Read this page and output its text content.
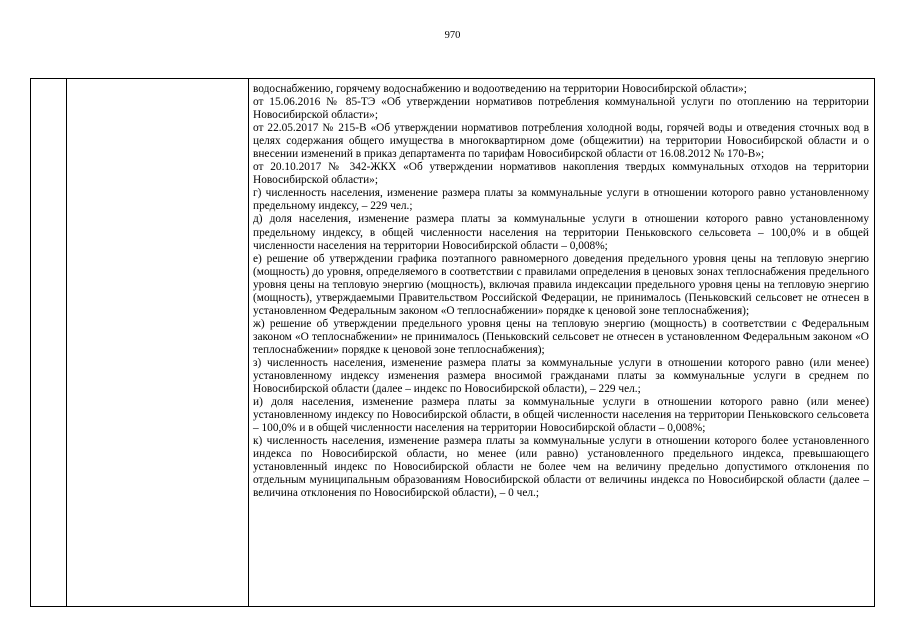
970

водоснабжению, горячему водоснабжению и водоотведению на территории Новосибирской области»;

от 15.06.2016 № 85-ТЭ «Об утверждении нормативов потребления коммунальной услуги по отоплению на территории Новосибирской области»;

от 22.05.2017 № 215-В «Об утверждении нормативов потребления холодной воды, горячей воды и отведения сточных вод в целях содержания общего имущества в многоквартирном доме (общежитии) на территории Новосибирской области и о внесении изменений в приказ департамента по тарифам Новосибирской области от 16.08.2012 № 170-В»;

от 20.10.2017 № 342-ЖКХ «Об утверждении нормативов накопления твердых коммунальных отходов на территории Новосибирской области»;

г) численность населения, изменение размера платы за коммунальные услуги в отношении которого равно установленному предельному индексу, – 229 чел.;

д) доля населения, изменение размера платы за коммунальные услуги в отношении которого равно установленному предельному индексу, в общей численности населения на территории Пеньковского сельсовета – 100,0% и в общей численности населения на территории Новосибирской области – 0,008%;

е) решение об утверждении графика поэтапного равномерного доведения предельного уровня цены на тепловую энергию (мощность) до уровня, определяемого в соответствии с правилами определения в ценовых зонах теплоснабжения предельного уровня цены на тепловую энергию (мощность), включая правила индексации предельного уровня цены на тепловую энергию (мощность), утверждаемыми Правительством Российской Федерации, не принималось (Пеньковский сельсовет не отнесен в установленном Федеральным законом «О теплоснабжении» порядке к ценовой зоне теплоснабжения);

ж) решение об утверждении предельного уровня цены на тепловую энергию (мощность) в соответствии с Федеральным законом «О теплоснабжении» не принималось (Пеньковский сельсовет не отнесен в установленном Федеральным законом «О теплоснабжении» порядке к ценовой зоне теплоснабжения);

з) численность населения, изменение размера платы за коммунальные услуги в отношении которого равно (или менее) установленному индексу изменения размера вносимой гражданами платы за коммунальные услуги в среднем по Новосибирской области (далее – индекс по Новосибирской области), – 229 чел.;

и) доля населения, изменение размера платы за коммунальные услуги в отношении которого равно (или менее) установленному индексу по Новосибирской области, в общей численности населения на территории Пеньковского сельсовета – 100,0% и в общей численности населения на территории Новосибирской области – 0,008%;

к) численность населения, изменение размера платы за коммунальные услуги в отношении которого более установленного индекса по Новосибирской области, но менее (или равно) установленного предельного индекса, превышающего установленный индекс по Новосибирской области не более чем на величину предельно допустимого отклонения по отдельным муниципальным образованиям Новосибирской области от величины индекса по Новосибирской области (далее – величина отклонения по Новосибирской области), – 0 чел.;
